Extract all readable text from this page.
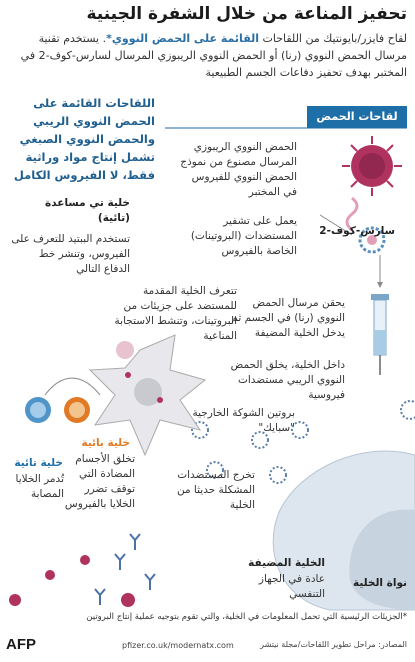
تحفيز المناعة من خلال الشفرة الجينية
لقاح فايزر/بايونتيك من اللقاحات القائمة على الحمض النووي*. يستخدم تقنية مرسال الحمض النووي (رنا) أو الحمض النووي الريبوزي المرسال لسارس-كوف-2 في المختبر بهدف تحفيز دفاعات الجسم الطبيعية
اللقاحات القائمة على الحمض النووي الريبي والحمض النووي الصبغي تشمل إنتاج مواد وراثية فقط، لا الفيروس الكامل
لقاحات الحمض النووي
سارس-كوف-2
الحمض النووي الريبوزي المرسال مصنوع من نموذج الحمض النووي للفيروس في المختبر
يعمل على تشفير المستضدات (البروتينات) الخاصة بالفيروس
يحقن مرسال الحمض النووي (رنا) في الجسم ثم يدخل الخلية المضيفة
داخل الخلية، يخلق الحمض النووي الريبي مستضدات فيروسية
بروتين الشوكة الخارجية "سبايك"
تخرج المستضدات المشكلة حديثا من الخلية
خلية تي مساعدة (تائية)
تستخدم الببتيد للتعرف على الفيروس، وتنشر خط الدفاع التالي
تتعرف الخلية المقدمة للمستضد على جزيئات من البروتينات، وتنشط الاستجابة المناعية
خلية بائية
تخلق الأجسام المضادة التي توقف تضرر الخلايا بالفيروس
خلية تائية
تُدمر الخلايا المصابة
الخلية المضيفة
عادة في الجهاز التنفسي
نواة الخلية
*الجزيئات الرئيسية التي تحمل المعلومات في الخلية، والتي تقوم بتوجيه عملية إنتاج البروتين
المصادر: مراحل تطوير اللقاحات/مجلة نيتشر
pfizer.co.uk/modernatx.com
AFP
